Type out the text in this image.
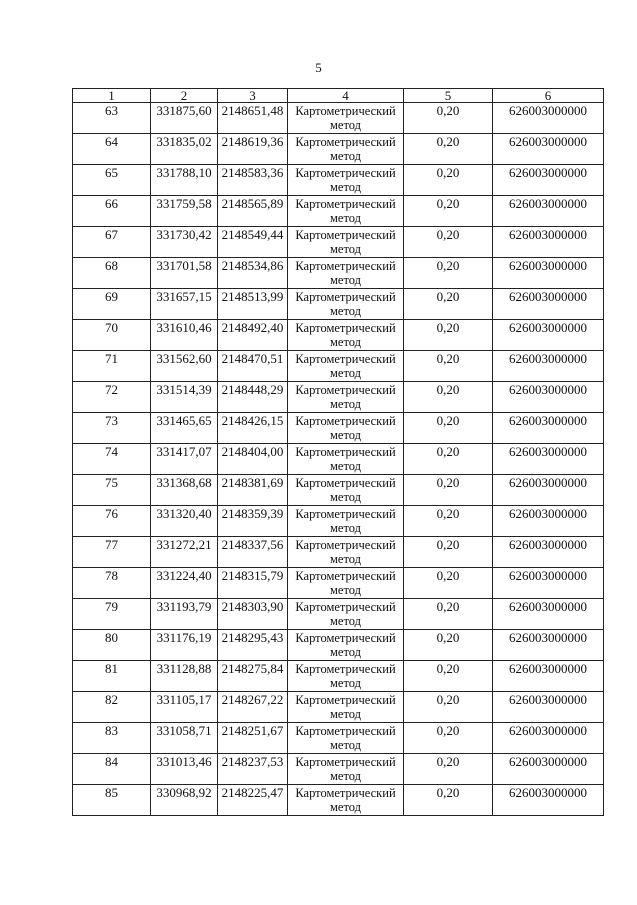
5
1	2	3	4	5	6

63	331875,60	2148651,48	Картометрический
метод	0,20	626003000000

64	331835,02	2148619,36	Картометрический
метод	0,20	626003000000

65	331788,10	2148583,36	Картометрический
метод	0,20	626003000000

66	331759,58	2148565,89	Картометрический
метод	0,20	626003000000

67	331730,42	2148549,44	Картометрический
метод	0,20	626003000000

68	331701,58	2148534,86	Картометрический
метод	0,20	626003000000

69	331657,15	2148513,99	Картометрический
метод	0,20	626003000000

70	331610,46	2148492,40	Картометрический
метод	0,20	626003000000

71	331562,60	2148470,51	Картометрический
метод	0,20	626003000000

72	331514,39	2148448,29	Картометрический
метод	0,20	626003000000

73	331465,65	2148426,15	Картометрический
метод	0,20	626003000000

74	331417,07	2148404,00	Картометрический
метод	0,20	626003000000

75	331368,68	2148381,69	Картометрический
метод	0,20	626003000000

76	331320,40	2148359,39	Картометрический
метод	0,20	626003000000

77	331272,21	2148337,56	Картометрический
метод	0,20	626003000000

78	331224,40	2148315,79	Картометрический
метод	0,20	626003000000

79	331193,79	2148303,90	Картометрический
метод	0,20	626003000000

80	331176,19	2148295,43	Картометрический
метод	0,20	626003000000

81	331128,88	2148275,84	Картометрический
метод	0,20	626003000000

82	331105,17	2148267,22	Картометрический
метод	0,20	626003000000

83	331058,71	2148251,67	Картометрический
метод	0,20	626003000000

84	331013,46	2148237,53	Картометрический
метод	0,20	626003000000

85	330968,92	2148225,47	Картометрический
метод	0,20	626003000000
